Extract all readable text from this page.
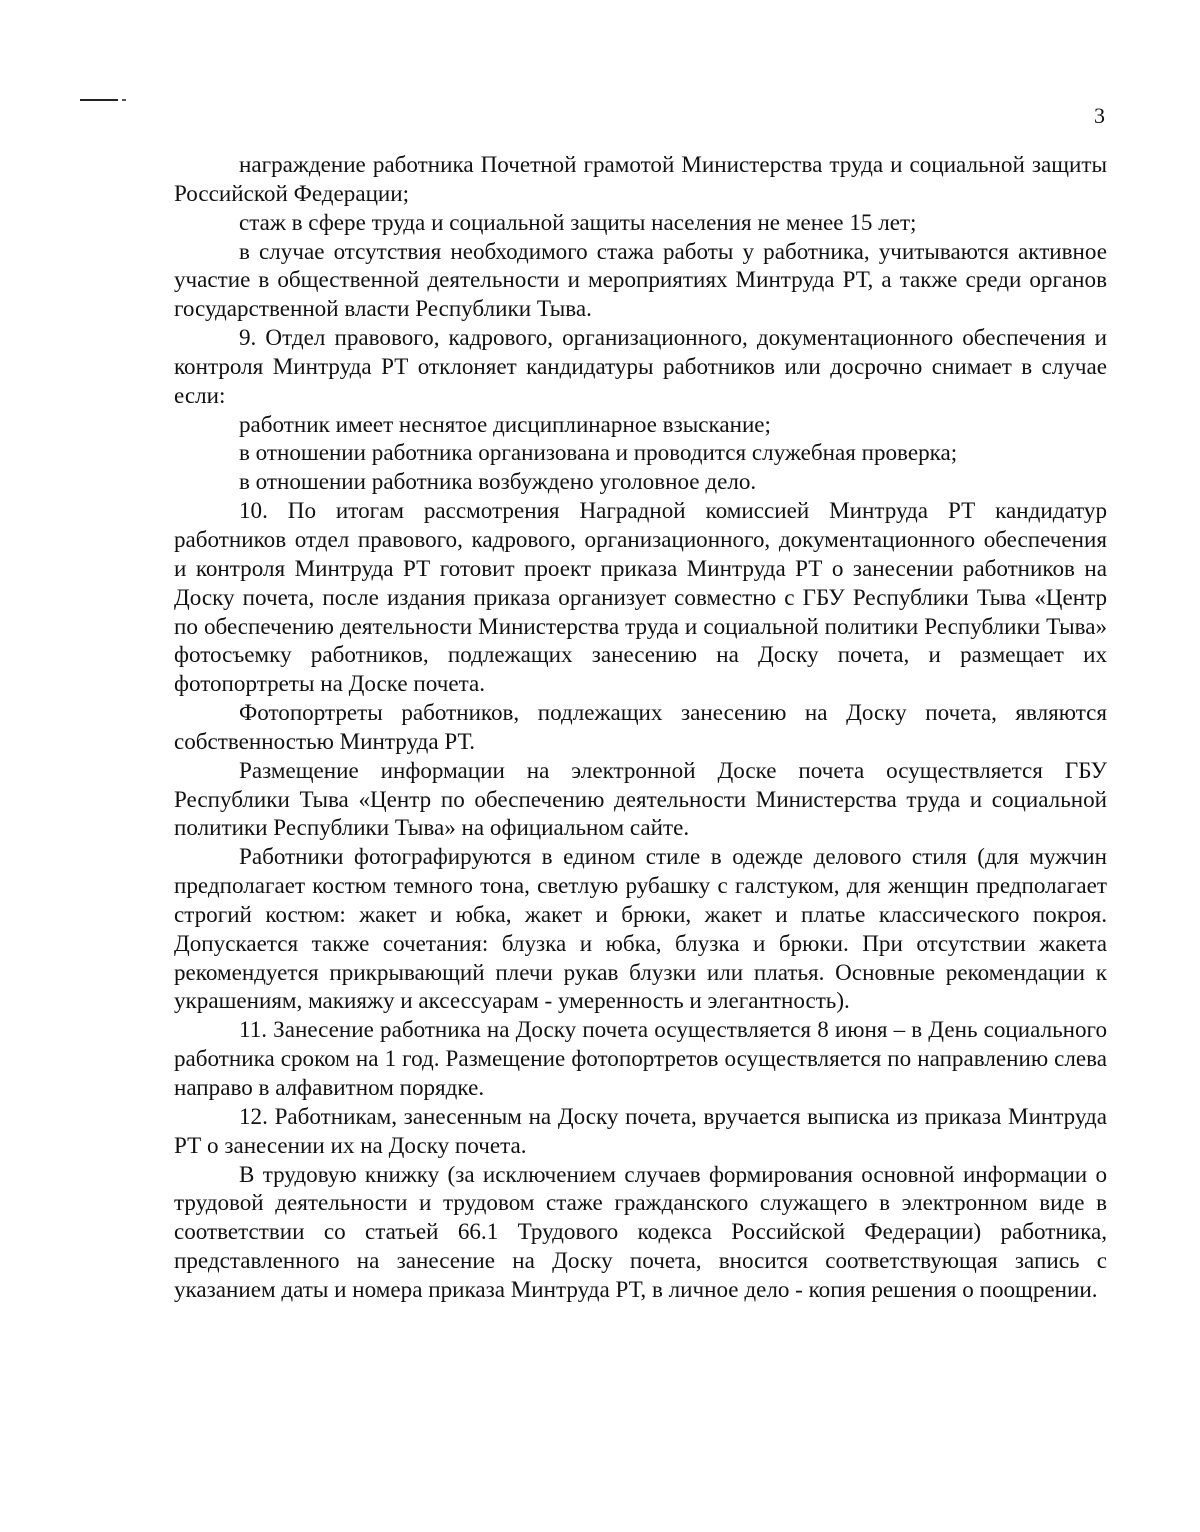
3

награждение работника Почетной грамотой Министерства труда и социальной защиты Российской Федерации;

стаж в сфере труда и социальной защиты населения не менее 15 лет;

в случае отсутствия необходимого стажа работы у работника, учитываются активное участие в общественной деятельности и мероприятиях Минтруда РТ, а также среди органов государственной власти Республики Тыва.

9. Отдел правового, кадрового, организационного, документационного обеспечения и контроля Минтруда РТ отклоняет кандидатуры работников или досрочно снимает в случае если:

работник имеет неснятое дисциплинарное взыскание;

в отношении работника организована и проводится служебная проверка;

в отношении работника возбуждено уголовное дело.

10. По итогам рассмотрения Наградной комиссией Минтруда РТ кандидатур работников отдел правового, кадрового, организационного, документационного обеспечения и контроля Минтруда РТ готовит проект приказа Минтруда РТ о занесении работников на Доску почета, после издания приказа организует совместно с ГБУ Республики Тыва «Центр по обеспечению деятельности Министерства труда и социальной политики Республики Тыва» фотосъемку работников, подлежащих занесению на Доску почета, и размещает их фотопортреты на Доске почета.

Фотопортреты работников, подлежащих занесению на Доску почета, являются собственностью Минтруда РТ.

Размещение информации на электронной Доске почета осуществляется ГБУ Республики Тыва «Центр по обеспечению деятельности Министерства труда и социальной политики Республики Тыва» на официальном сайте.

Работники фотографируются в едином стиле в одежде делового стиля (для мужчин предполагает костюм темного тона, светлую рубашку с галстуком, для женщин предполагает строгий костюм: жакет и юбка, жакет и брюки, жакет и платье классического покроя. Допускается также сочетания: блузка и юбка, блузка и брюки. При отсутствии жакета рекомендуется прикрывающий плечи рукав блузки или платья. Основные рекомендации к украшениям, макияжу и аксессуарам - умеренность и элегантность).

11. Занесение работника на Доску почета осуществляется 8 июня – в День социального работника сроком на 1 год. Размещение фотопортретов осуществляется по направлению слева направо в алфавитном порядке.

12. Работникам, занесенным на Доску почета, вручается выписка из приказа Минтруда РТ о занесении их на Доску почета.

В трудовую книжку (за исключением случаев формирования основной информации о трудовой деятельности и трудовом стаже гражданского служащего в электронном виде в соответствии со статьей 66.1 Трудового кодекса Российской Федерации) работника, представленного на занесение на Доску почета, вносится соответствующая запись с указанием даты и номера приказа Минтруда РТ, в личное дело - копия решения о поощрении.
